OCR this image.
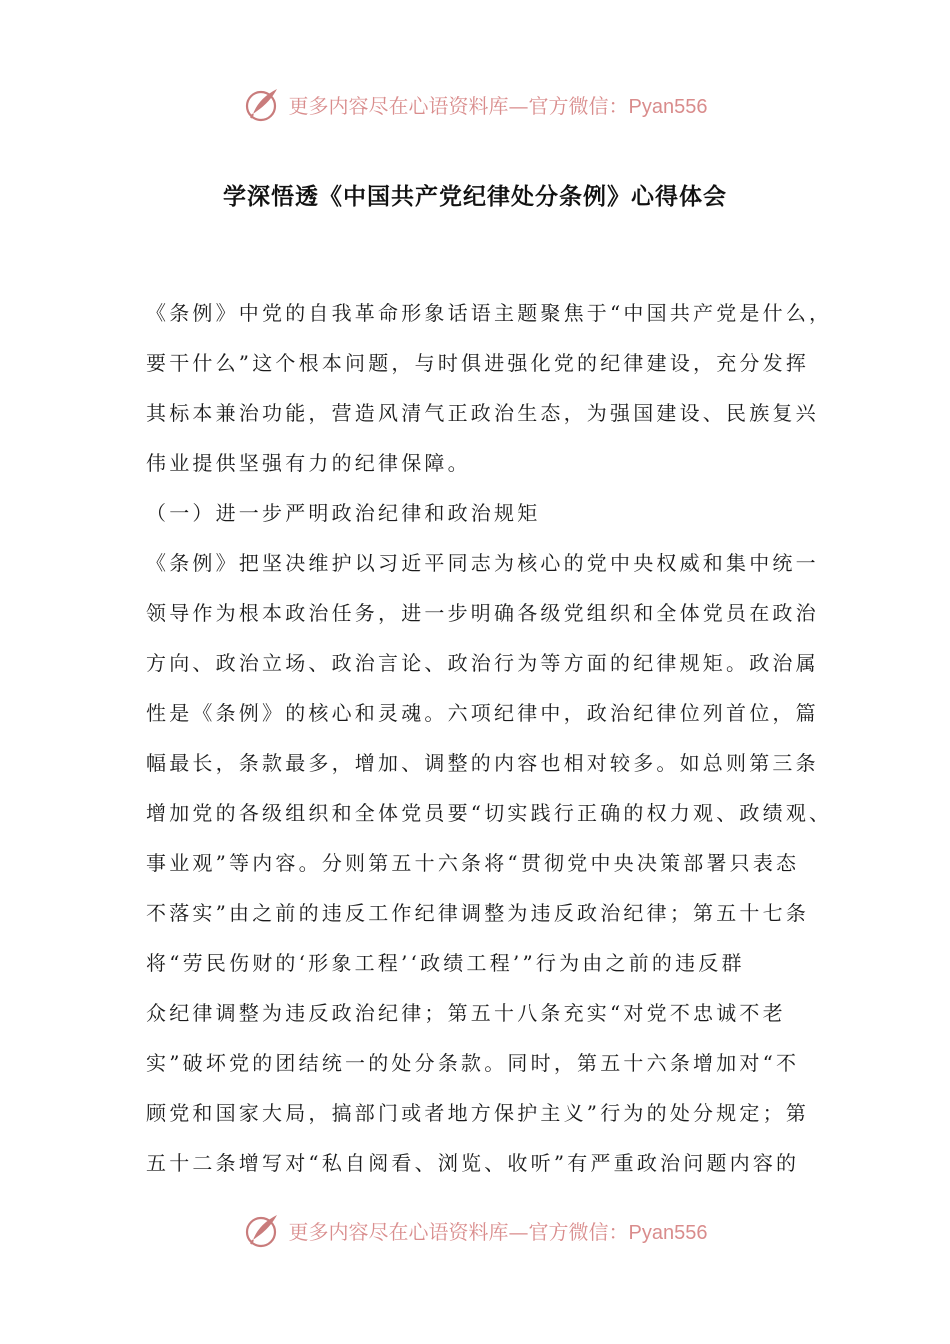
更多内容尽在心语资料库—官方微信：Pyan556
学深悟透《中国共产党纪律处分条例》心得体会
《条例》中党的自我革命形象话语主题聚焦于“中国共产党是什么，
要干什么”这个根本问题，与时俱进强化党的纪律建设，充分发挥
其标本兼治功能，营造风清气正政治生态，为强国建设、民族复兴
伟业提供坚强有力的纪律保障。
（一）进一步严明政治纪律和政治规矩
《条例》把坚决维护以习近平同志为核心的党中央权威和集中统一
领导作为根本政治任务，进一步明确各级党组织和全体党员在政治
方向、政治立场、政治言论、政治行为等方面的纪律规矩。政治属
性是《条例》的核心和灵魂。六项纪律中，政治纪律位列首位，篇
幅最长，条款最多，增加、调整的内容也相对较多。如总则第三条
增加党的各级组织和全体党员要“切实践行正确的权力观、政绩观、
事业观”等内容。分则第五十六条将“贯彻党中央决策部署只表态
不落实”由之前的违反工作纪律调整为违反政治纪律；第五十七条
将“劳民伤财的‘形象工程’‘政绩工程’”行为由之前的违反群
众纪律调整为违反政治纪律；第五十八条充实“对党不忠诚不老
实”破坏党的团结统一的处分条款。同时，第五十六条增加对“不
顾党和国家大局，搞部门或者地方保护主义”行为的处分规定；第
五十二条增写对“私自阅看、浏览、收听”有严重政治问题内容的
更多内容尽在心语资料库—官方微信：Pyan556
